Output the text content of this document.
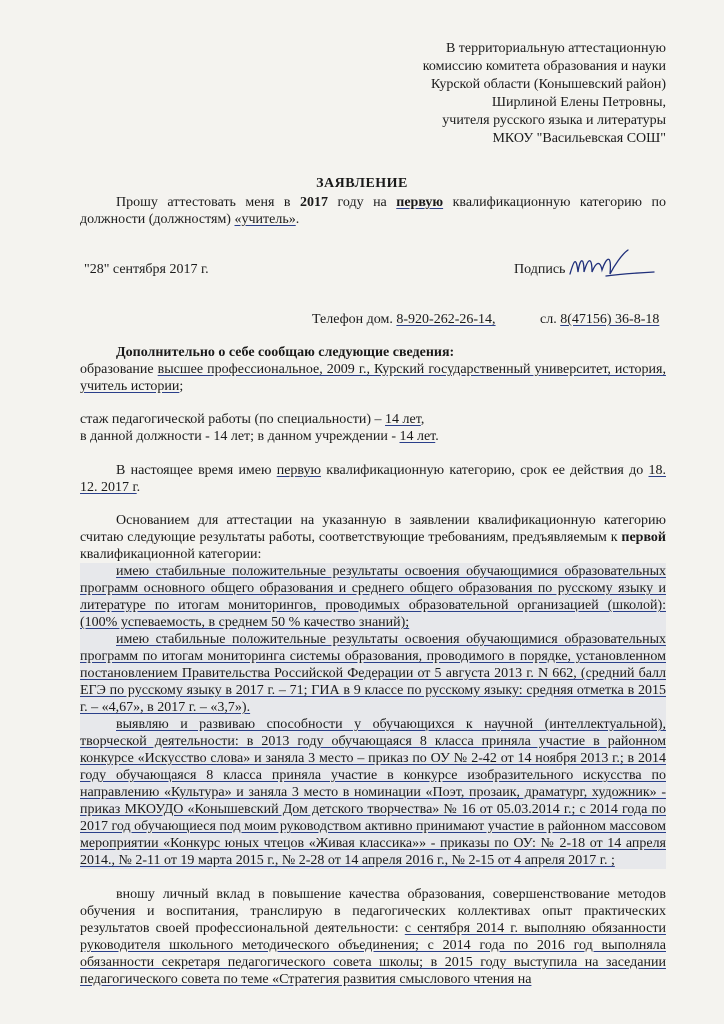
В территориальную аттестационную
комиссию комитета образования и науки
Курской области (Конышевский район)
Ширлиной Елены Петровны,
учителя русского языка и литературы
МКОУ "Васильевская СОШ"
ЗАЯВЛЕНИЕ
Прошу аттестовать меня в 2017 году на первую квалификационную категорию по должности (должностям) «учитель».
"28" сентября 2017 г.	Подпись
Телефон дом. 8-920-262-26-14,	сл. 8(47156) 36-8-18
Дополнительно о себе сообщаю следующие сведения:
образование высшее профессиональное, 2009 г., Курский государственный университет, история, учитель истории;
стаж педагогической работы (по специальности) – 14 лет,
в данной должности - 14 лет; в данном учреждении - 14 лет.
В настоящее время имею первую квалификационную категорию, срок ее действия до 18. 12. 2017 г.
Основанием для аттестации на указанную в заявлении квалификационную категорию считаю следующие результаты работы, соответствующие требованиям, предъявляемым к первой квалификационной категории:
имею стабильные положительные результаты освоения обучающимися образовательных программ основного общего образования и среднего общего образования по русскому языку и литературе по итогам мониторингов, проводимых образовательной организацией (школой): (100% успеваемость, в среднем 50 % качество знаний);
имею стабильные положительные результаты освоения обучающимися образовательных программ по итогам мониторинга системы образования, проводимого в порядке, установленном постановлением Правительства Российской Федерации от 5 августа 2013 г. N 662, (средний балл ЕГЭ по русскому языку в 2017 г. – 71; ГИА в 9 классе по русскому языку: средняя отметка в 2015 г. – «4,67», в 2017 г. – «3,7»).
выявляю и развиваю способности у обучающихся к научной (интеллектуальной), творческой деятельности: в 2013 году обучающаяся 8 класса приняла участие в районном конкурсе «Искусство слова» и заняла 3 место – приказ по ОУ № 2-42 от 14 ноября 2013 г.; в 2014 году обучающаяся 8 класса приняла участие в конкурсе изобразительного искусства по направлению «Культура» и заняла 3 место в номинации «Поэт, прозаик, драматург, художник» - приказ МКОУДО «Конышевский Дом детского творчества» № 16 от 05.03.2014 г.; с 2014 года по 2017 год обучающиеся под моим руководством активно принимают участие в районном массовом мероприятии «Конкурс юных чтецов «Живая классика»» - приказы по ОУ: № 2-18 от 14 апреля 2014., № 2-11 от 19 марта 2015 г., № 2-28 от 14 апреля 2016 г., № 2-15 от 4 апреля 2017 г. ;
вношу личный вклад в повышение качества образования, совершенствование методов обучения и воспитания, транслирую в педагогических коллективах опыт практических результатов своей профессиональной деятельности: с сентября 2014 г. выполняю обязанности руководителя школьного методического объединения; с 2014 года по 2016 год выполняла обязанности секретаря педагогического совета школы; в 2015 году выступила на заседании педагогического совета по теме «Стратегия развития смыслового чтения на
